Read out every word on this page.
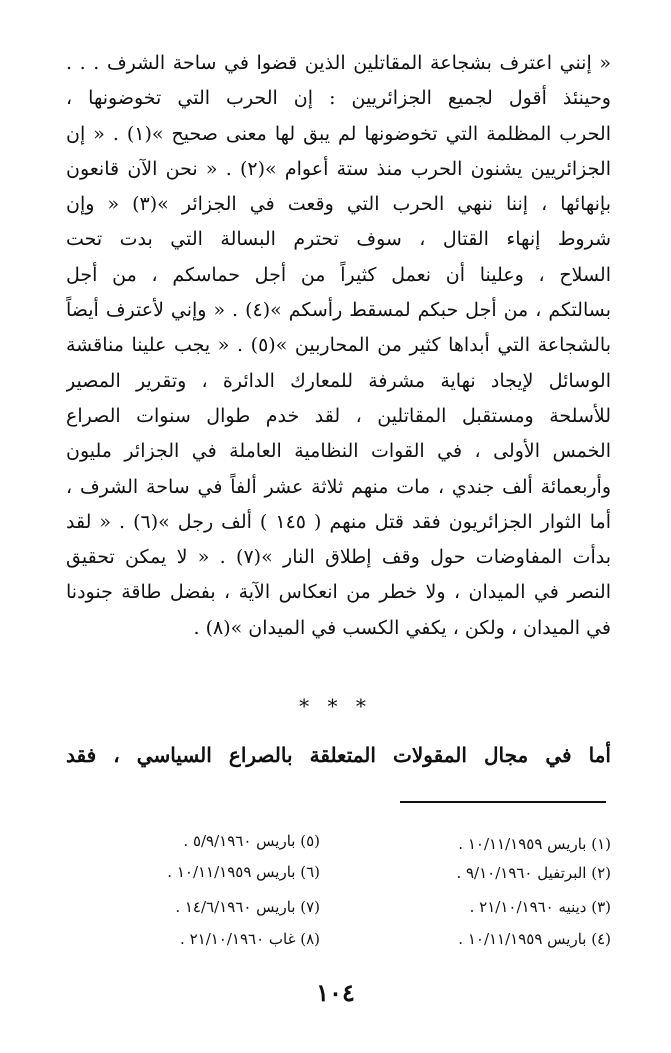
« إنني اعترف بشجاعة المقاتلين الذين قضوا في ساحة الشرف . . .
وحينئذ أقول لجميع الجزائريين : إن الحرب التي تخوضونها ،
الحرب المظلمة التي تخوضونها لم يبق لها معنى صحيح »(١) . « إن
الجزائريين يشنون الحرب منذ ستة أعوام »(٢) . « نحن الآن قانعون
بإنهائها ، إننا ننهي الحرب التي وقعت في الجزائر »(٣) « وإن
شروط إنهاء القتال ، سوف تحترم البسالة التي بدت تحت
السلاح ، وعلينا أن نعمل كثيراً من أجل حماسكم ، من أجل
بسالتكم ، من أجل حبكم لمسقط رأسكم »(٤) . « وإني لأعترف أيضاً
بالشجاعة التي أبداها كثير من المحاربين »(٥) . « يجب علينا مناقشة
الوسائل لإيجاد نهاية مشرفة للمعارك الدائرة ، وتقرير المصير
للأسلحة ومستقبل المقاتلين ، لقد خدم طوال سنوات الصراع
الخمس الأولى ، في القوات النظامية العاملة في الجزائر مليون
وأربعمائة ألف جندي ، مات منهم ثلاثة عشر ألفاً في ساحة الشرف ،
أما الثوار الجزائريون فقد قتل منهم ( ١٤٥ ) ألف رجل »(٦) . « لقد
بدأت المفاوضات حول وقف إطلاق النار »(٧) . « لا يمكن تحقيق
النصر في الميدان ، ولا خطر من انعكاس الآية ، بفضل طاقة جنودنا
في الميدان ، ولكن ، يكفي الكسب في الميدان »(٨) .
* * *
أما في مجال المقولات المتعلقة بالصراع السياسي ، فقد
(١) باريس ١٠/١١/١٩٥٩ .
(٢) البرتفيل ٩/١٠/١٩٦٠ .
(٣) دينيه ٢١/١٠/١٩٦٠ .
(٤) باريس ١٠/١١/١٩٥٩ .
(٥) باريس ٥/٩/١٩٦٠ .
(٦) باريس ١٠/١١/١٩٥٩ .
(٧) باريس ١٤/٦/١٩٦٠ .
(٨) غاب ٢١/١٠/١٩٦٠ .
١٠٤
